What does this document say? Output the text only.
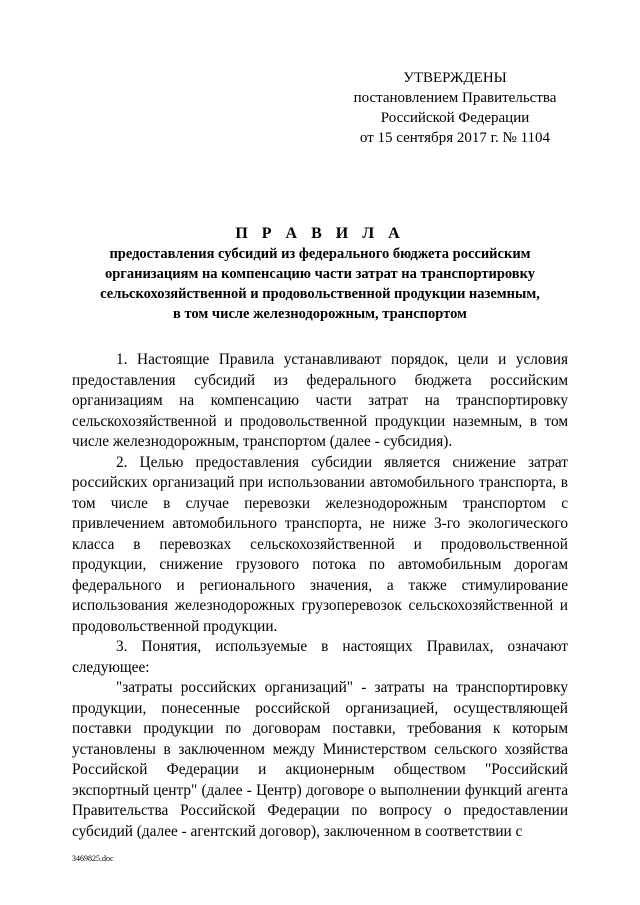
УТВЕРЖДЕНЫ
постановлением Правительства
Российской Федерации
от 15 сентября 2017 г. № 1104
П Р А В И Л А
предоставления субсидий из федерального бюджета российским
организациям на компенсацию части затрат на транспортировку
сельскохозяйственной и продовольственной продукции наземным,
в том числе железнодорожным, транспортом

1. Настоящие Правила устанавливают порядок, цели и условия предоставления субсидий из федерального бюджета российским организациям на компенсацию части затрат на транспортировку сельскохозяйственной и продовольственной продукции наземным, в том числе железнодорожным, транспортом (далее - субсидия).

2. Целью предоставления субсидии является снижение затрат российских организаций при использовании автомобильного транспорта, в том числе в случае перевозки железнодорожным транспортом с привлечением автомобильного транспорта, не ниже 3-го экологического класса в перевозках сельскохозяйственной и продовольственной продукции, снижение грузового потока по автомобильным дорогам федерального и регионального значения, а также стимулирование использования железнодорожных грузоперевозок сельскохозяйственной и продовольственной продукции.

3. Понятия, используемые в настоящих Правилах, означают следующее:

"затраты российских организаций" - затраты на транспортировку продукции, понесенные российской организацией, осуществляющей поставки продукции по договорам поставки, требования к которым установлены в заключенном между Министерством сельского хозяйства Российской Федерации и акционерным обществом "Российский экспортный центр" (далее - Центр) договоре о выполнении функций агента Правительства Российской Федерации по вопросу о предоставлении субсидий (далее - агентский договор), заключенном в соответствии с

3469825.doc
